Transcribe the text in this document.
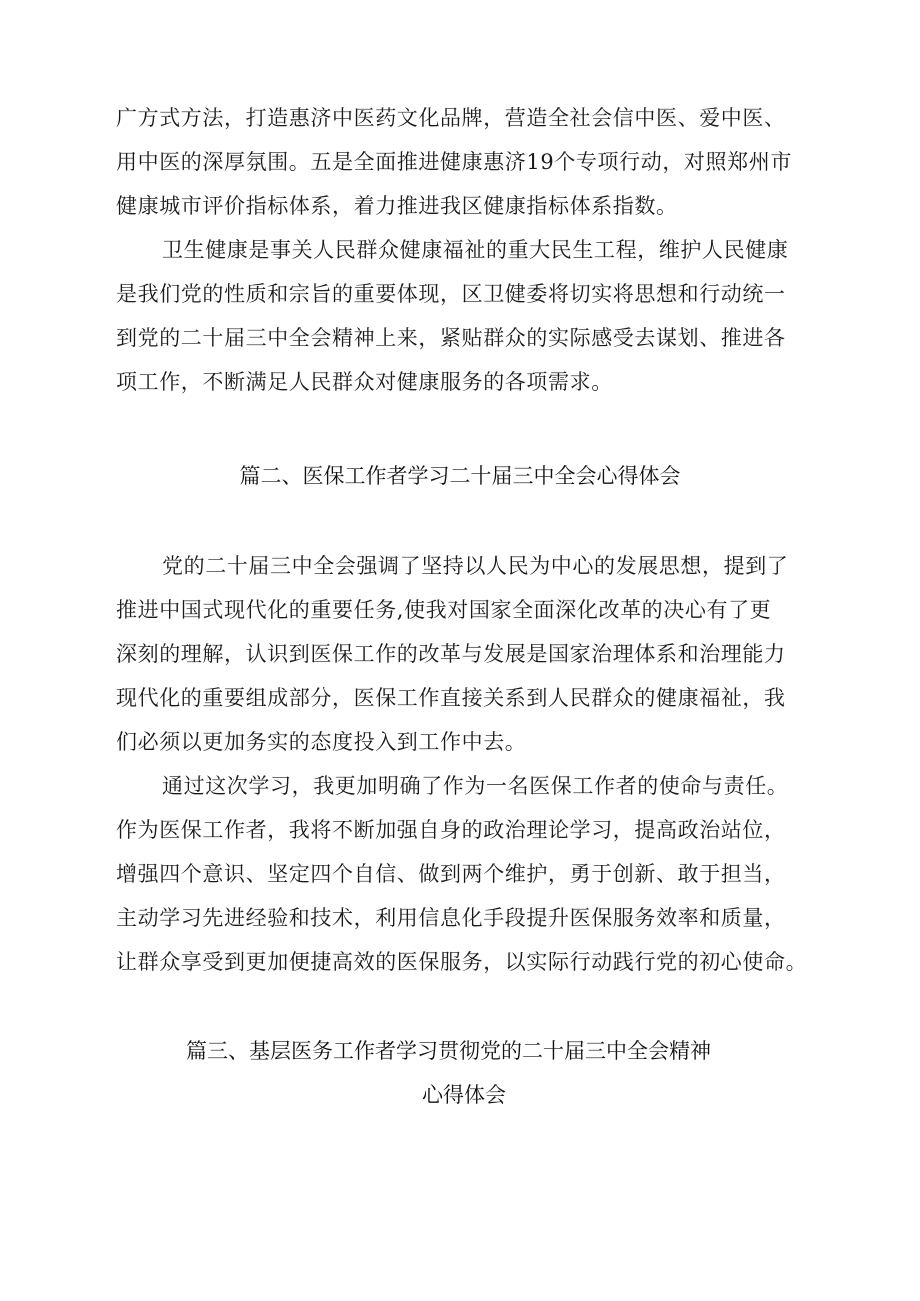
广方式方法，打造惠济中医药文化品牌，营造全社会信中医、爱中医、
用中医的深厚氛围。五是全面推进健康惠济19个专项行动，对照郑州市
健康城市评价指标体系，着力推进我区健康指标体系指数。
卫生健康是事关人民群众健康福祉的重大民生工程，维护人民健康
是我们党的性质和宗旨的重要体现，区卫健委将切实将思想和行动统一
到党的二十届三中全会精神上来，紧贴群众的实际感受去谋划、推进各
项工作，不断满足人民群众对健康服务的各项需求。
篇二、医保工作者学习二十届三中全会心得体会
党的二十届三中全会强调了坚持以人民为中心的发展思想，提到了
推进中国式现代化的重要任务,使我对国家全面深化改革的决心有了更
深刻的理解，认识到医保工作的改革与发展是国家治理体系和治理能力
现代化的重要组成部分，医保工作直接关系到人民群众的健康福祉，我
们必须以更加务实的态度投入到工作中去。
通过这次学习，我更加明确了作为一名医保工作者的使命与责任。
作为医保工作者，我将不断加强自身的政治理论学习，提高政治站位，
增强四个意识、坚定四个自信、做到两个维护，勇于创新、敢于担当，
主动学习先进经验和技术，利用信息化手段提升医保服务效率和质量，
让群众享受到更加便捷高效的医保服务，以实际行动践行党的初心使命。
篇三、基层医务工作者学习贯彻党的二十届三中全会精神
心得体会
